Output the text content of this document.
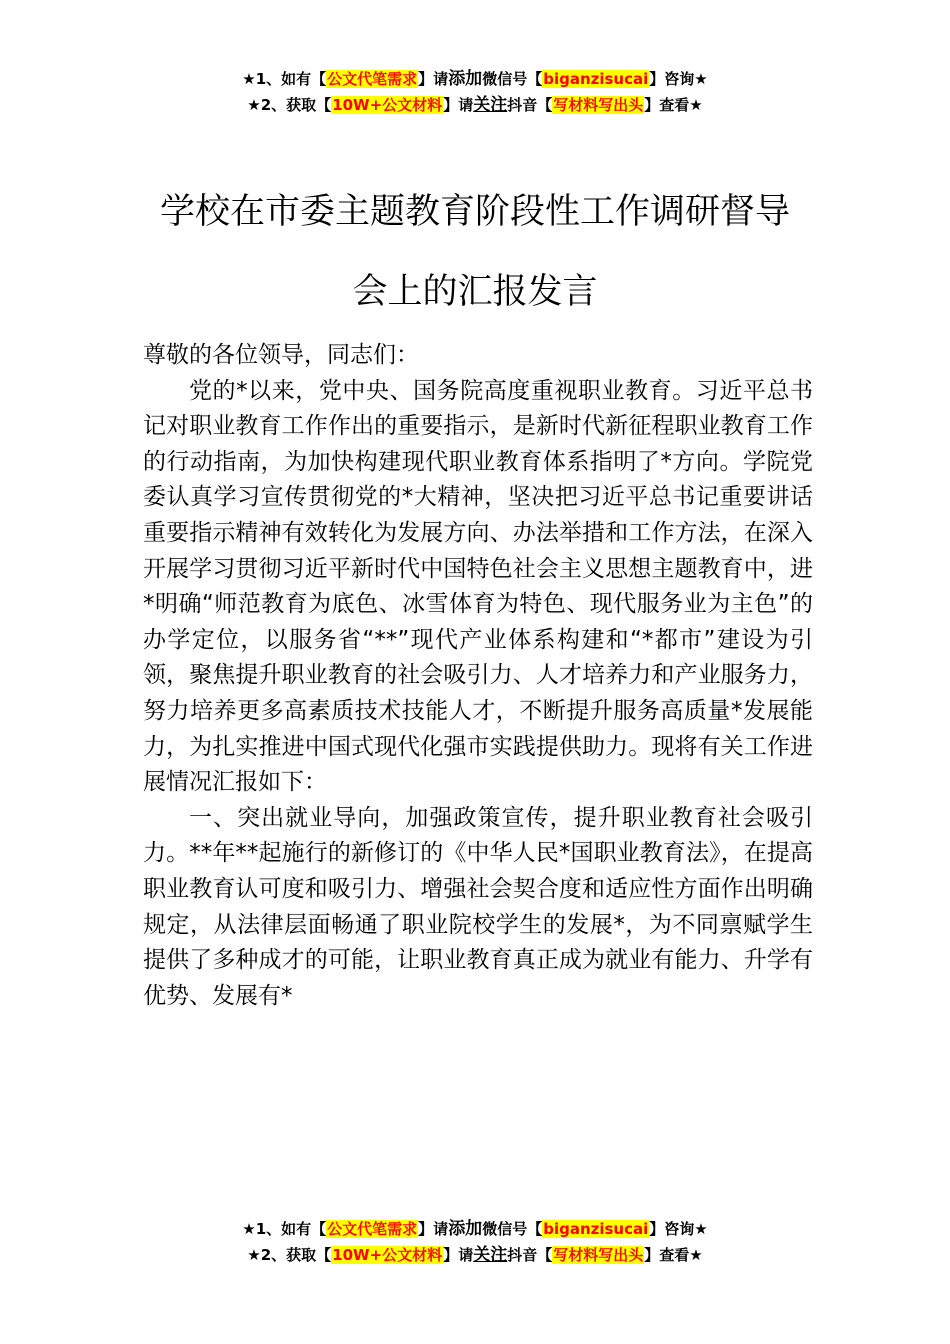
★1、如有【公文代笔需求】请添加微信号【biganzisucai】咨询★
★2、获取【10W+公文材料】请关注抖音【写材料写出头】查看★
学校在市委主题教育阶段性工作调研督导
会上的汇报发言

尊敬的各位领导，同志们：

党的*以来，党中央、国务院高度重视职业教育。习近平总书记对职业教育工作作出的重要指示，是新时代新征程职业教育工作的行动指南，为加快构建现代职业教育体系指明了*方向。学院党委认真学习宣传贯彻党的*大精神，坚决把习近平总书记重要讲话重要指示精神有效转化为发展方向、办法举措和工作方法，在深入开展学习贯彻习近平新时代中国特色社会主义思想主题教育中，进*明确“师范教育为底色、冰雪体育为特色、现代服务业为主色”的办学定位，以服务省“**”现代产业体系构建和“*都市”建设为引领，聚焦提升职业教育的社会吸引力、人才培养力和产业服务力，努力培养更多高素质技术技能人才，不断提升服务高质量*发展能力，为扎实推进中国式现代化强市实践提供助力。现将有关工作进展情况汇报如下：

一、突出就业导向，加强政策宣传，提升职业教育社会吸引力。**年**起施行的新修订的《中华人民*国职业教育法》，在提高职业教育认可度和吸引力、增强社会契合度和适应性方面作出明确规定，从法律层面畅通了职业院校学生的发展*，为不同禀赋学生提供了多种成才的可能，让职业教育真正成为就业有能力、升学有优势、发展有*

★1、如有【公文代笔需求】请添加微信号【biganzisucai】咨询★
★2、获取【10W+公文材料】请关注抖音【写材料写出头】查看★
